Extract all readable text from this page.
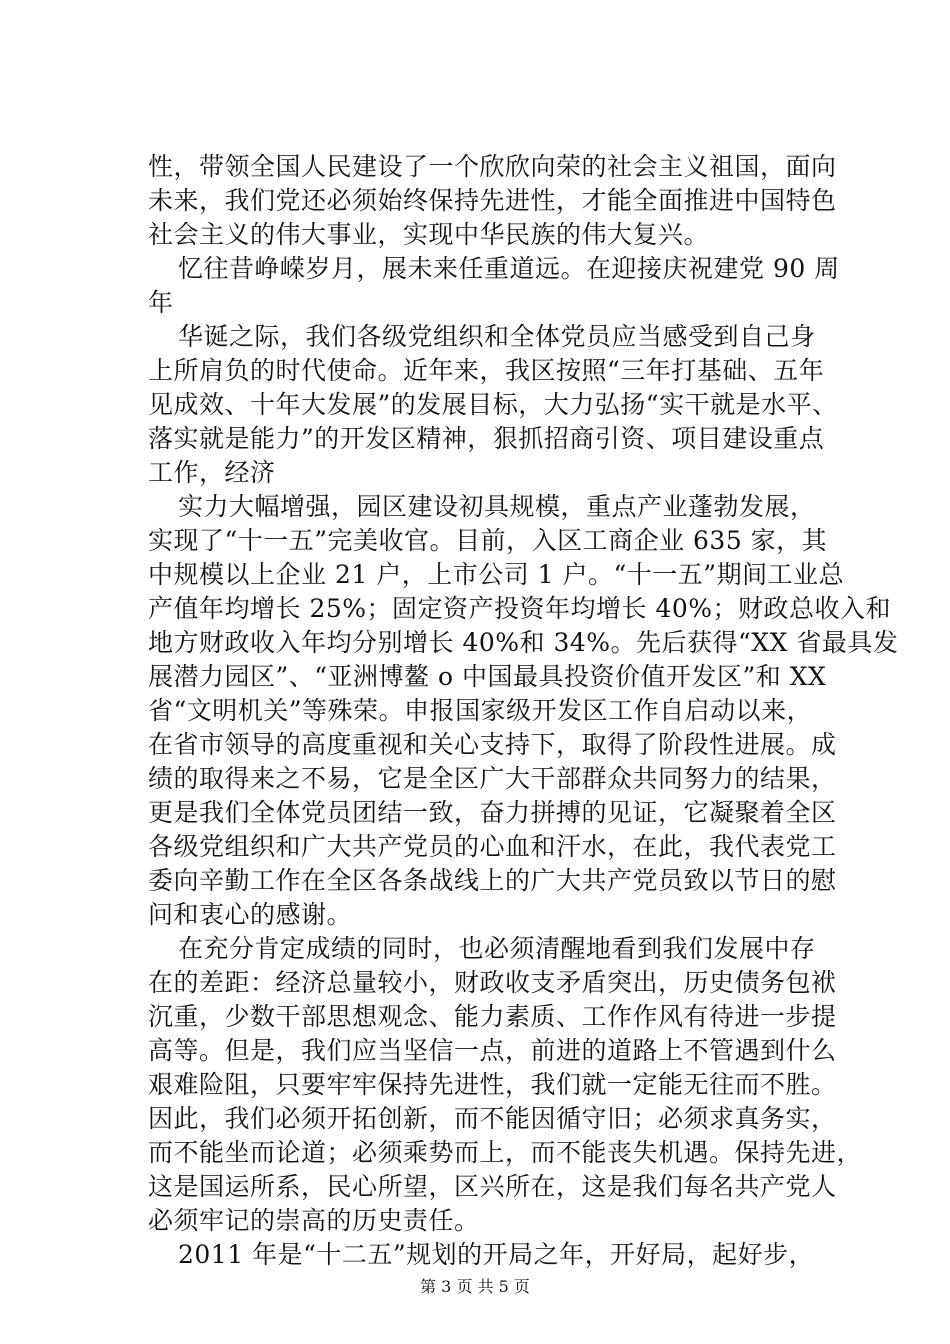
性，带领全国人民建设了一个欣欣向荣的社会主义祖国，面向
未来，我们党还必须始终保持先进性，才能全面推进中国特色
社会主义的伟大事业，实现中华民族的伟大复兴。
忆往昔峥嵘岁月，展未来任重道远。在迎接庆祝建党 90 周
年
华诞之际，我们各级党组织和全体党员应当感受到自己身
上所肩负的时代使命。近年来，我区按照“三年打基础、五年
见成效、十年大发展”的发展目标，大力弘扬“实干就是水平、
落实就是能力”的开发区精神，狠抓招商引资、项目建设重点
工作，经济
实力大幅增强，园区建设初具规模，重点产业蓬勃发展，
实现了“十一五”完美收官。目前，入区工商企业 635 家，其
中规模以上企业 21 户，上市公司 1 户。“十一五”期间工业总
产值年均增长 25%；固定资产投资年均增长 40%；财政总收入和
地方财政收入年均分别增长 40%和 34%。先后获得“XX 省最具发
展潜力园区”、“亚洲博鳌 o 中国最具投资价值开发区”和 XX
省“文明机关”等殊荣。申报国家级开发区工作自启动以来，
在省市领导的高度重视和关心支持下，取得了阶段性进展。成
绩的取得来之不易，它是全区广大干部群众共同努力的结果，
更是我们全体党员团结一致，奋力拼搏的见证，它凝聚着全区
各级党组织和广大共产党员的心血和汗水，在此，我代表党工
委向辛勤工作在全区各条战线上的广大共产党员致以节日的慰
问和衷心的感谢。
在充分肯定成绩的同时，也必须清醒地看到我们发展中存
在的差距：经济总量较小，财政收支矛盾突出，历史债务包袱
沉重，少数干部思想观念、能力素质、工作作风有待进一步提
高等。但是，我们应当坚信一点，前进的道路上不管遇到什么
艰难险阻，只要牢牢保持先进性，我们就一定能无往而不胜。
因此，我们必须开拓创新，而不能因循守旧；必须求真务实，
而不能坐而论道；必须乘势而上，而不能丧失机遇。保持先进，
这是国运所系，民心所望，区兴所在，这是我们每名共产党人
必须牢记的崇高的历史责任。
2011 年是“十二五”规划的开局之年，开好局，起好步，
第 3 页 共 5 页
